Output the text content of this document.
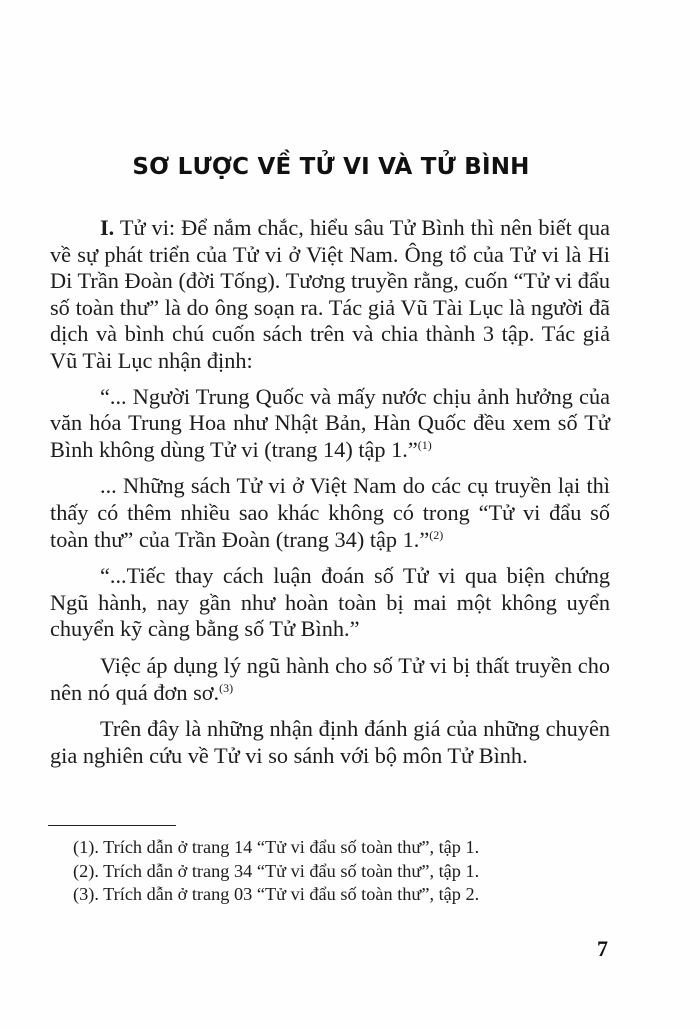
SƠ LƯỢC VỀ TỬ VI VÀ TỬ BÌNH

I. Tử vi: Để nắm chắc, hiểu sâu Tử Bình thì nên biết qua về sự phát triển của Tử vi ở Việt Nam. Ông tổ của Tử vi là Hi Di Trần Đoàn (đời Tống). Tương truyền rằng, cuốn “Tử vi đẩu số toàn thư” là do ông soạn ra. Tác giả Vũ Tài Lục là người đã dịch và bình chú cuốn sách trên và chia thành 3 tập. Tác giả Vũ Tài Lục nhận định:

“... Người Trung Quốc và mấy nước chịu ảnh hưởng của văn hóa Trung Hoa như Nhật Bản, Hàn Quốc đều xem số Tử Bình không dùng Tử vi (trang 14) tập 1.”$^{(1)}$

... Những sách Tử vi ở Việt Nam do các cụ truyền lại thì thấy có thêm nhiều sao khác không có trong “Tử vi đẩu số toàn thư” của Trần Đoàn (trang 34) tập 1.”$^{(2)}$

“...Tiếc thay cách luận đoán số Tử vi qua biện chứng Ngũ hành, nay gần như hoàn toàn bị mai một không uyển chuyển kỹ càng bằng số Tử Bình.”

Việc áp dụng lý ngũ hành cho số Tử vi bị thất truyền cho nên nó quá đơn sơ.$^{(3)}$

Trên đây là những nhận định đánh giá của những chuyên gia nghiên cứu về Tử vi so sánh với bộ môn Tử Bình.

(1). Trích dẫn ở trang 14 “Tử vi đẩu số toàn thư”, tập 1.

(2). Trích dẫn ở trang 34 “Tử vi đẩu số toàn thư”, tập 1.

(3). Trích dẫn ở trang 03 “Tử vi đẩu số toàn thư”, tập 2.

7
